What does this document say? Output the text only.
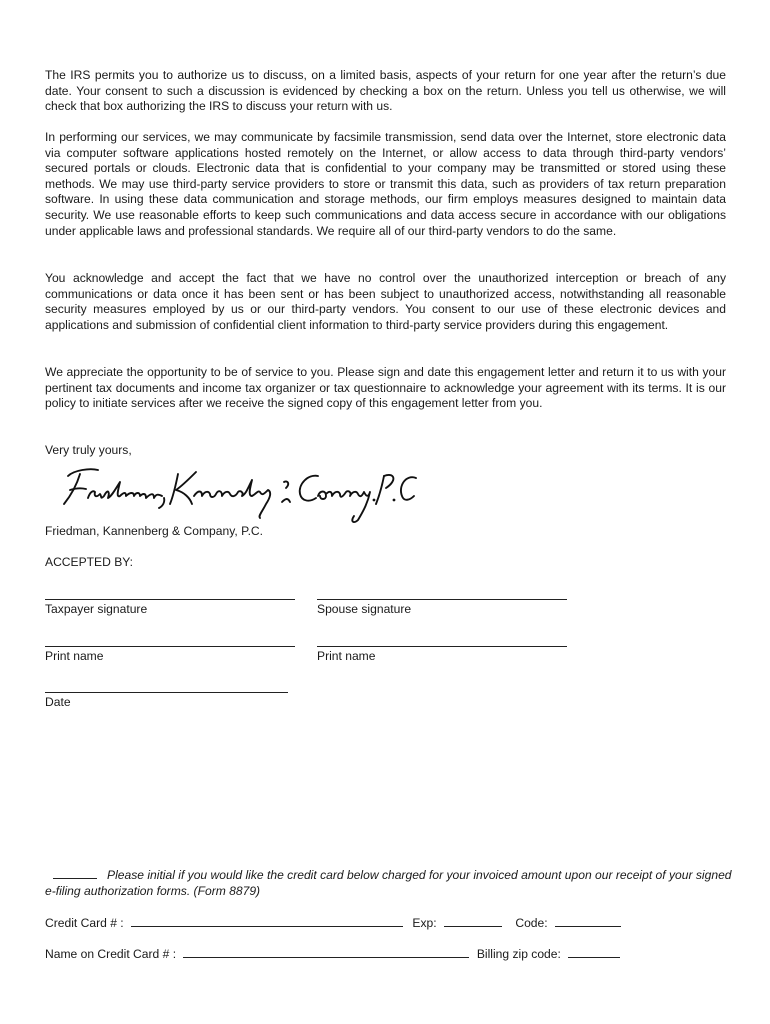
The IRS permits you to authorize us to discuss, on a limited basis, aspects of your return for one year after the return’s due date. Your consent to such a discussion is evidenced by checking a box on the return. Unless you tell us otherwise, we will check that box authorizing the IRS to discuss your return with us.

In performing our services, we may communicate by facsimile transmission, send data over the Internet, store electronic data via computer software applications hosted remotely on the Internet, or allow access to data through third-party vendors’ secured portals or clouds. Electronic data that is confidential to your company may be transmitted or stored using these methods. We may use third-party service providers to store or transmit this data, such as providers of tax return preparation software. In using these data communication and storage methods, our firm employs measures designed to maintain data security. We use reasonable efforts to keep such communications and data access secure in accordance with our obligations under applicable laws and professional standards. We require all of our third-party vendors to do the same.

You acknowledge and accept the fact that we have no control over the unauthorized interception or breach of any communications or data once it has been sent or has been subject to unauthorized access, notwithstanding all reasonable security measures employed by us or our third-party vendors. You consent to our use of these electronic devices and applications and submission of confidential client information to third-party service providers during this engagement.

We appreciate the opportunity to be of service to you. Please sign and date this engagement letter and return it to us with your pertinent tax documents and income tax organizer or tax questionnaire to acknowledge your agreement with its terms. It is our policy to initiate services after we receive the signed copy of this engagement letter from you.

Very truly yours,

Friedman, Kannenberg & Company, P.C.

ACCEPTED BY:

Taxpayer signature	Spouse signature

Print name	Print name

Date

Please initial if you would like the credit card below charged for your invoiced amount upon our receipt of your signed e-filing authorization forms. (Form 8879)

Credit Card # :	Exp:	Code:

Name on Credit Card # :	Billing zip code:
